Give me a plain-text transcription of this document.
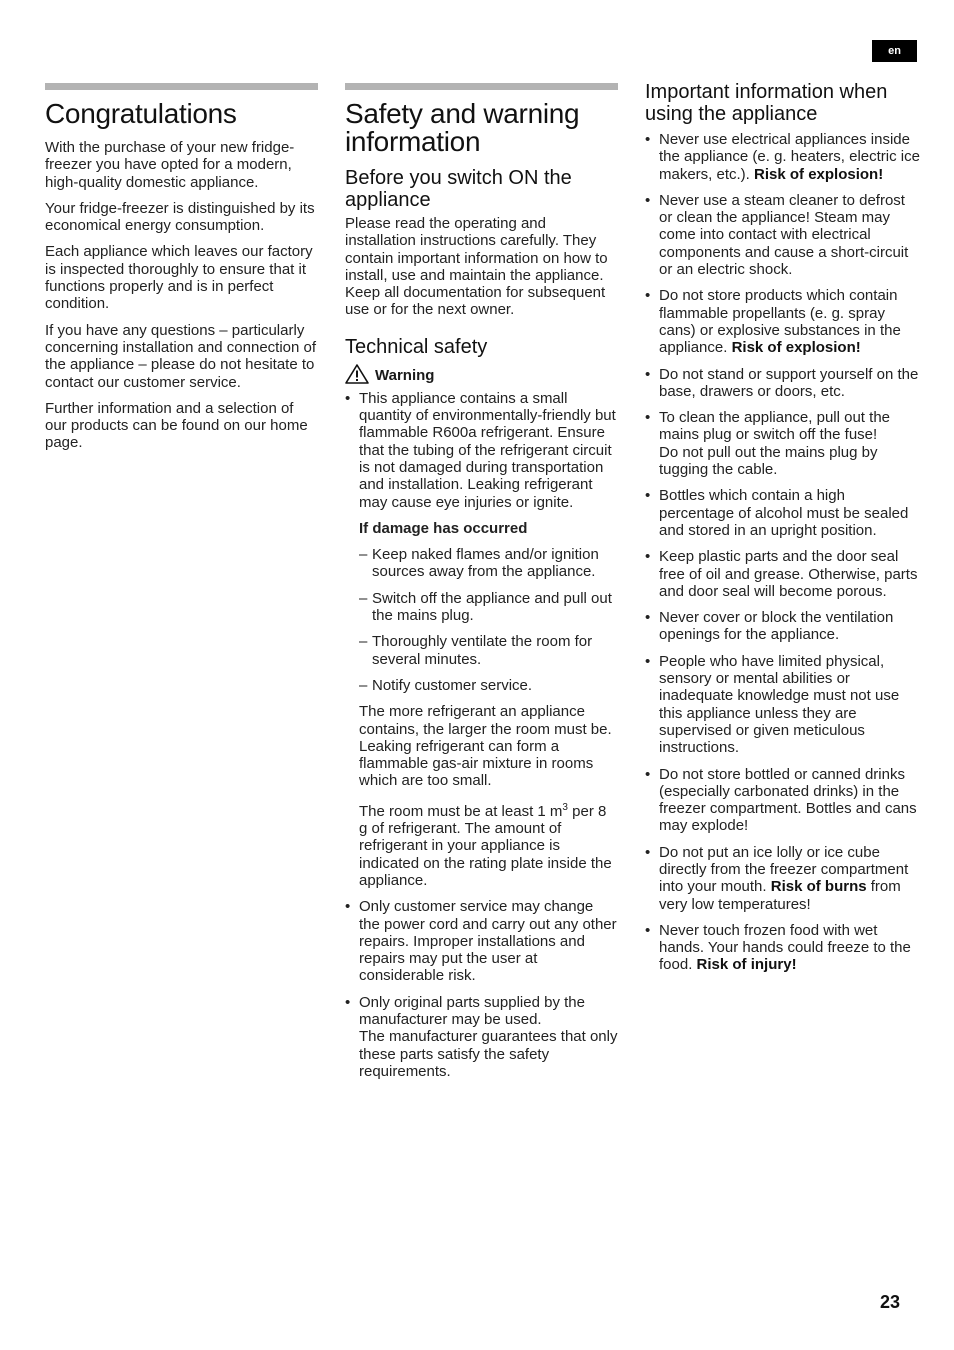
en
Congratulations

With the purchase of your new fridge-freezer you have opted for a modern, high-quality domestic appliance.

Your fridge-freezer is distinguished by its economical energy consumption.

Each appliance which leaves our factory is inspected thoroughly to ensure that it functions properly and is in perfect condition.

If you have any questions – particularly concerning installation and connection of the appliance – please do not hesitate to contact our customer service.

Further information and a selection of our products can be found on our home page.

Safety and warning information
Before you switch ON the appliance

Please read the operating and installation instructions carefully. They contain important information on how to install, use and maintain the appliance.

Keep all documentation for subsequent use or for the next owner.

Technical safety
Warning
• This appliance contains a small quantity of environmentally-friendly but flammable R600a refrigerant. Ensure that the tubing of the refrigerant circuit is not damaged during transportation and installation. Leaking refrigerant may cause eye injuries or ignite.
If damage has occurred
– Keep naked flames and/or ignition sources away from the appliance.
– Switch off the appliance and pull out the mains plug.
– Thoroughly ventilate the room for several minutes.
– Notify customer service.
The more refrigerant an appliance contains, the larger the room must be. Leaking refrigerant can form a flammable gas-air mixture in rooms which are too small.
The room must be at least 1 $m^3$ per 8 g of refrigerant. The amount of refrigerant in your appliance is indicated on the rating plate inside the appliance.
• Only customer service may change the power cord and carry out any other repairs. Improper installations and repairs may put the user at considerable risk.
• Only original parts supplied by the manufacturer may be used.
The manufacturer guarantees that only these parts satisfy the safety requirements.
Important information when using the appliance
• Never use electrical appliances inside the appliance (e. g. heaters, electric ice makers, etc.). Risk of explosion!
• Never use a steam cleaner to defrost or clean the appliance! Steam may come into contact with electrical components and cause a short-circuit or an electric shock.
• Do not store products which contain flammable propellants (e. g. spray cans) or explosive substances in the appliance. Risk of explosion!
• Do not stand or support yourself on the base, drawers or doors, etc.
• To clean the appliance, pull out the mains plug or switch off the fuse!
Do not pull out the mains plug by tugging the cable.
• Bottles which contain a high percentage of alcohol must be sealed and stored in an upright position.
• Keep plastic parts and the door seal free of oil and grease. Otherwise, parts and door seal will become porous.
• Never cover or block the ventilation openings for the appliance.
• People who have limited physical, sensory or mental abilities or inadequate knowledge must not use this appliance unless they are supervised or given meticulous instructions.
• Do not store bottled or canned drinks (especially carbonated drinks) in the freezer compartment. Bottles and cans may explode!
• Do not put an ice lolly or ice cube directly from the freezer compartment into your mouth. Risk of burns from very low temperatures!
• Never touch frozen food with wet hands. Your hands could freeze to the food. Risk of injury!
23
